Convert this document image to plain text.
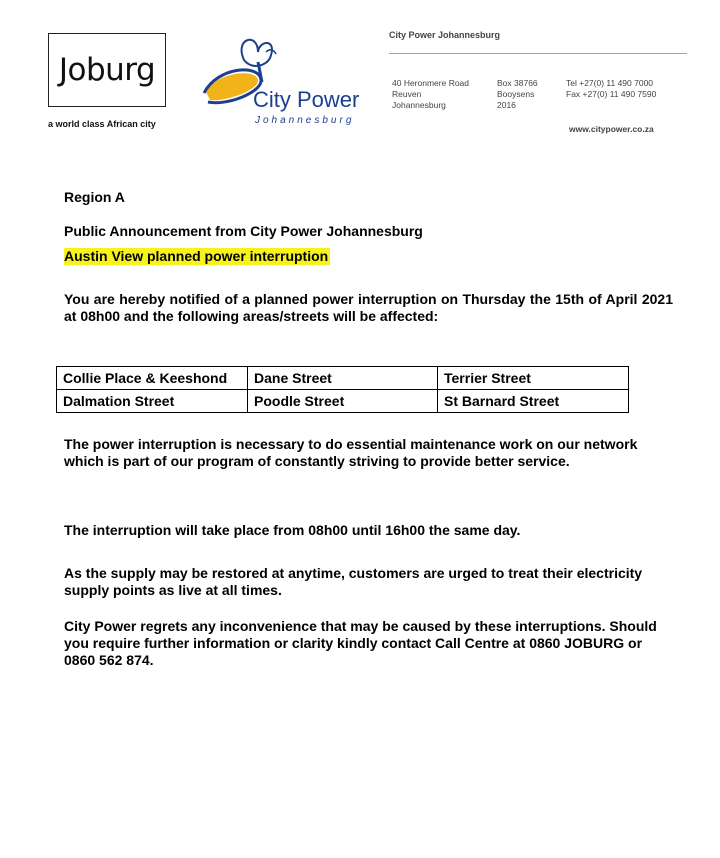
Joburg
a world class African city
City Power
Johannesburg
City Power Johannesburg
40 Heronmere Road
Reuven
Johannesburg
Box 38766
Booysens
2016
Tel +27(0) 11 490 7000
Fax +27(0) 11 490 7590
www.citypower.co.za
Region A
Public Announcement from City Power Johannesburg
Austin View planned power interruption
You are hereby notified of a planned power interruption on Thursday the 15th of April 2021 at 08h00 and the following areas/streets will be affected:
Collie Place & Keeshond	Dane Street	Terrier Street
Dalmation Street	Poodle Street	St Barnard Street
The power interruption is necessary to do essential maintenance work on our network which is part of our program of constantly striving to provide better service.
The interruption will take place from 08h00 until 16h00 the same day.
As the supply may be restored at anytime, customers are urged to treat their electricity supply points as live at all times.
City Power regrets any inconvenience that may be caused by these interruptions. Should you require further information or clarity kindly contact Call Centre at 0860 JOBURG or 0860 562 874.
